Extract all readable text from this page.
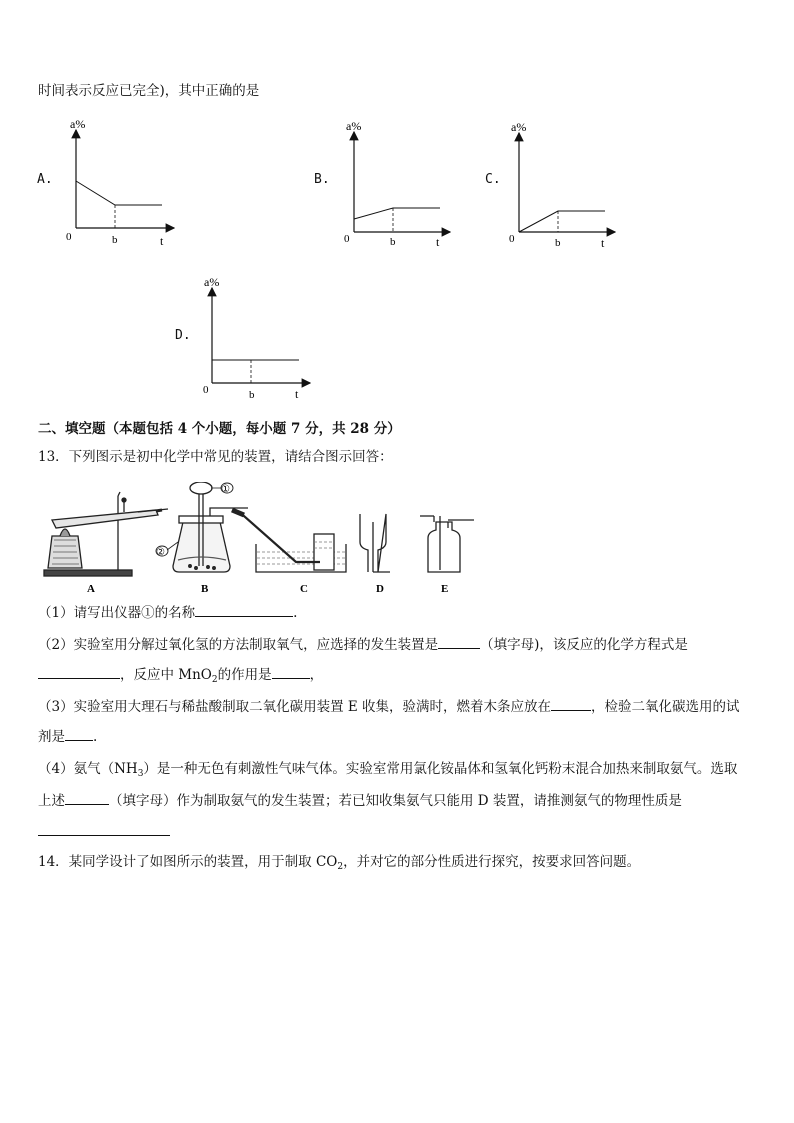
时间表示反应已完全)，其中正确的是
A.	B.	C.
D.
a%
0	b	t
a%
0	b	t
a%
0	b	t
a%
0	b	t
二、填空题（本题包括 4 个小题，每小题 7 分，共 28 分）
13．下列图示是初中化学中常见的装置，请结合图示回答：
A	B	C	D	E
①
②
（1）请写出仪器①的名称	.
（2）实验室用分解过氧化氢的方法制取氧气，应选择的发生装置是	（填字母)，该反应的化学方程式是
，反应中 MnO$_2$的作用是	，
（3）实验室用大理石与稀盐酸制取二氧化碳用装置 E 收集，验满时，燃着木条应放在	，检验二氧化碳选用的试
剂是 .
（4）氨气$(NH_3)$是一种无色有刺激性气味气体。实验室常用氯化铵晶体和氢氧化钙粉末混合加热来制取氨气。选取
上述	（填字母）作为制取氨气的发生装置；若已知收集氨气只能用 D 装置，请推测氨气的物理性质是
14．某同学设计了如图所示的装置，用于制取 $CO_2$，并对它的部分性质进行探究，按要求回答问题。
